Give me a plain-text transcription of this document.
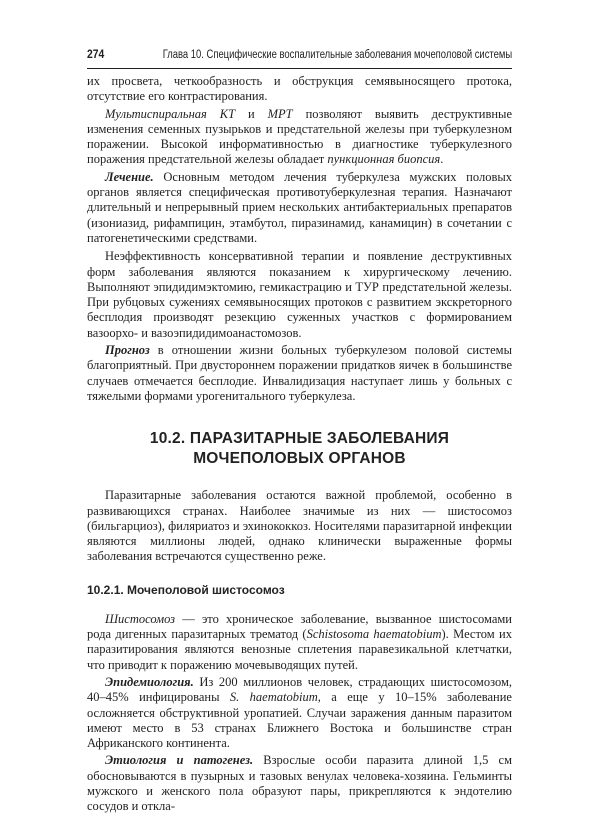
274	Глава 10. Специфические воспалительные заболевания мочеполовой системы

их просвета, четкообразность и обструкция семявыносящего протокa, отсутствие его контрастирования.

Мультиспиральная КТ и МРТ позволяют выявить деструктивные изменения семенных пузырьков и предстательной железы при туберкулезном поражении. Высокой информативностью в диагностике туберкулезного поражения предстательной железы обладает пункционная биопсия.

Лечение. Основным методом лечения туберкулеза мужских половых органов является специфическая противотуберкулезная терапия. Назначают длительный и непрерывный прием нескольких антибактериальных препаратов (изониазид, рифампицин, этамбутол, пиразинамид, канамицин) в сочетании с патогенетическими средствами.

Неэффективность консервативной терапии и появление деструктивных форм заболевания являются показанием к хирургическому лечению. Выполняют эпидидимэктомию, гемикастрацию и ТУР предстательной железы. При рубцовых сужениях семявыносящих протоков с развитием экскреторного бесплодия производят резекцию суженных участков с формированием вазоорхо- и вазоэпидидимоанастомозов.

Прогноз в отношении жизни больных туберкулезом половой системы благоприятный. При двустороннем поражении придатков яичек в большинстве случаев отмечается бесплодие. Инвалидизация наступает лишь у больных с тяжелыми формами урогенитального туберкулеза.

10.2. ПАРАЗИТАРНЫЕ ЗАБОЛЕВАНИЯ
МОЧЕПОЛОВЫХ ОРГАНОВ

Паразитарные заболевания остаются важной проблемой, особенно в развивающихся странах. Наиболее значимые из них — шистосомоз (бильгарциоз), филяриатоз и эхинококкоз. Носителями паразитарной инфекции являются миллионы людей, однако клинически выраженные формы заболевания встречаются существенно реже.

10.2.1. Мочеполовой шистосомоз

Шистосомоз — это хроническое заболевание, вызванное шистосомами рода дигенных паразитарных трематод (Schistosoma haematobium). Местом их паразитирования являются венозные сплетения паравезикальной клетчатки, что приводит к поражению мочевыводящих путей.

Эпидемиология. Из 200 миллионов человек, страдающих шистосомозом, 40–45% инфицированы S. haematobium, а еще у 10–15% заболевание осложняется обструктивной уропатией. Случаи заражения данным паразитом имеют место в 53 странах Ближнего Востока и большинстве стран Африканского континента.

Этиология и патогенез. Взрослые особи паразита длиной 1,5 см обосновываются в пузырных и тазовых венулах человека-хозяина. Гельминты мужского и женского пола образуют пары, прикрепляются к эндотелию сосудов и откла-
